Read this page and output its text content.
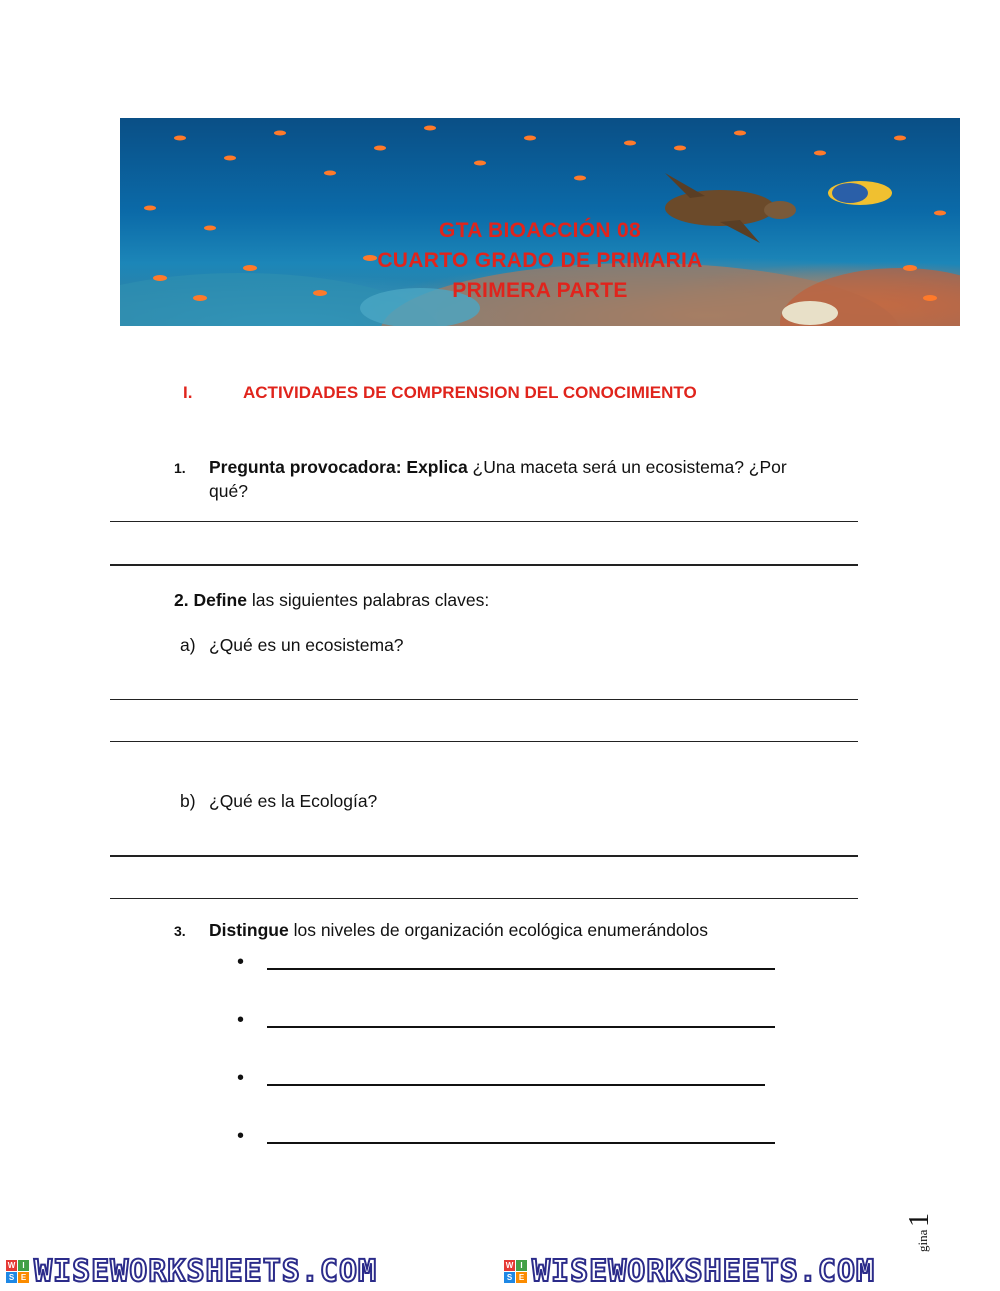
GTA BIOACCIÓN 08
CUARTO GRADO DE PRIMARIA
PRIMERA PARTE
I.	ACTIVIDADES DE COMPRENSION DEL CONOCIMIENTO
1. Pregunta provocadora: Explica ¿Una maceta será un ecosistema? ¿Por
qué?
2. Define las siguientes palabras claves:
a) ¿Qué es un ecosistema?
b) ¿Qué es la Ecología?
3. Distingue los niveles de organización ecológica enumerándolos
•
•
•
•
1
gina
W I
S E WISEWORKSHEETS.COM	W I
S E WISEWORKSHEETS.COM
